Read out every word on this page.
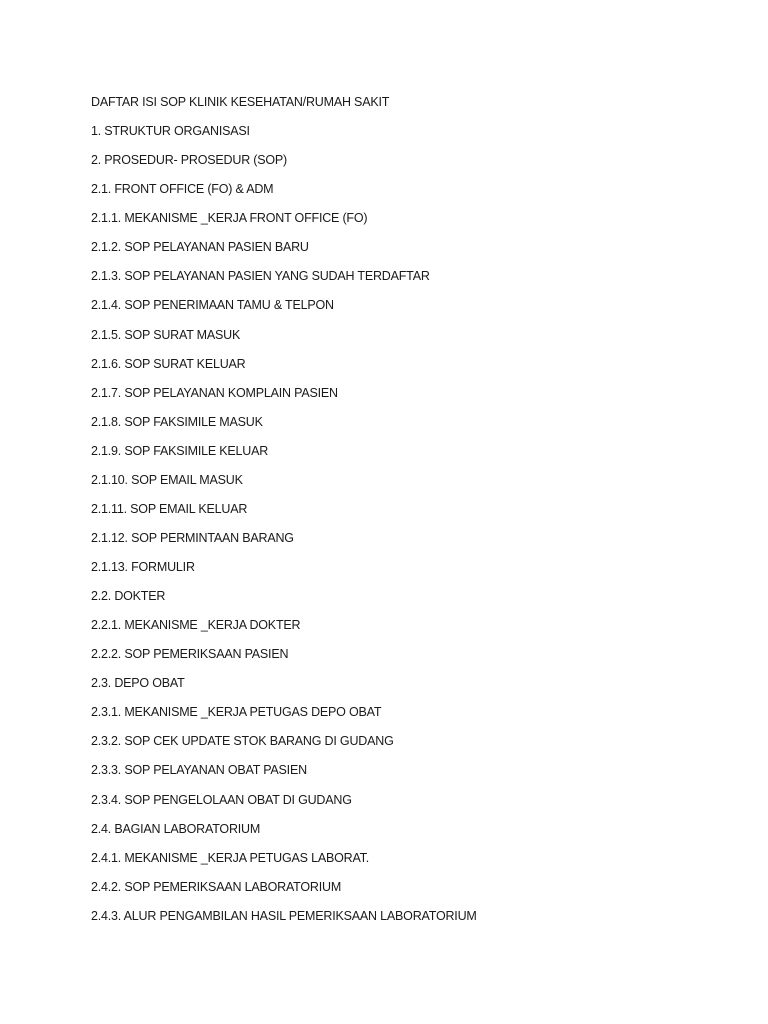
DAFTAR ISI SOP KLINIK KESEHATAN/RUMAH SAKIT
1. STRUKTUR ORGANISASI
2. PROSEDUR- PROSEDUR (SOP)
2.1. FRONT OFFICE (FO) & ADM
2.1.1. MEKANISME _KERJA FRONT OFFICE (FO)
2.1.2. SOP PELAYANAN PASIEN BARU
2.1.3. SOP PELAYANAN PASIEN YANG SUDAH TERDAFTAR
2.1.4. SOP PENERIMAAN TAMU & TELPON
2.1.5. SOP SURAT MASUK
2.1.6. SOP SURAT KELUAR
2.1.7. SOP PELAYANAN KOMPLAIN PASIEN
2.1.8. SOP FAKSIMILE MASUK
2.1.9. SOP FAKSIMILE KELUAR
2.1.10. SOP EMAIL MASUK
2.1.11. SOP EMAIL KELUAR
2.1.12. SOP PERMINTAAN BARANG
2.1.13. FORMULIR
2.2. DOKTER
2.2.1. MEKANISME _KERJA DOKTER
2.2.2. SOP PEMERIKSAAN PASIEN
2.3. DEPO OBAT
2.3.1. MEKANISME _KERJA PETUGAS DEPO OBAT
2.3.2. SOP CEK UPDATE STOK BARANG DI GUDANG
2.3.3. SOP PELAYANAN OBAT PASIEN
2.3.4. SOP PENGELOLAAN OBAT DI GUDANG
2.4. BAGIAN LABORATORIUM
2.4.1. MEKANISME _KERJA PETUGAS LABORAT.
2.4.2. SOP PEMERIKSAAN LABORATORIUM
2.4.3. ALUR PENGAMBILAN HASIL PEMERIKSAAN LABORATORIUM
